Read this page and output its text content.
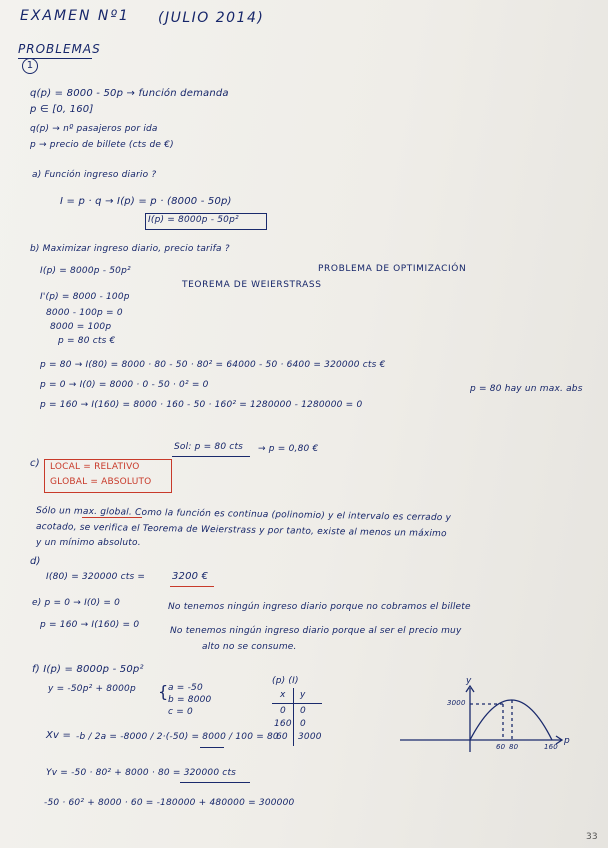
EXAMEN Nº1 (JULIO 2014)
PROBLEMAS
1
q(p) = 8000 - 50p → función demanda
p ∈ [0, 160]
q(p) → nº pasajeros por ida
p → precio de billete (cts de €)
a) Función ingreso diario ?
I = p · q → I(p) = p · (8000 - 50p)
I(p) = 8000p - 50p²
b) Maximizar ingreso diario, precio tarifa ?
PROBLEMA DE OPTIMIZACIÓN
I(p) = 8000p - 50p²
TEOREMA DE WEIERSTRASS
I'(p) = 8000 - 100p
8000 - 100p = 0
8000 = 100p
p = 80 cts €
p = 80 → I(80) = 8000 · 80 - 50 · 80² = 64000 - 50 · 6400 = 320000 cts €
p = 0 → I(0) = 8000 · 0 - 50 · 0² = 0	p = 80 hay un max. abs
p = 160 → I(160) = 8000 · 160 - 50 · 160² = 1280000 - 1280000 = 0
Sol: p = 80 cts → p = 0,80 €
c) LOCAL = RELATIVO
GLOBAL = ABSOLUTO
Sólo un max. global. Como la función es continua (polinomio) y el intervalo es cerrado y
acotado, se verifica el Teorema de Weierstrass y por tanto, existe al menos un máximo
y un mínimo absoluto.
d)
I(80) = 320000 cts =	3200 €
e) p = 0 → I(0) = 0	No tenemos ningún ingreso diario porque no cobramos el billete
p = 160 → I(160) = 0
No tenemos ningún ingreso diario porque al ser el precio muy
alto no se consume.
f) I(p) = 8000p - 50p²
y = -50p² + 8000p { a = -50
b = 8000
c = 0
Xv = -b / 2a = -8000 / 2·(-50) = 8000 / 100 = 80
Yv = -50 · 80² + 8000 · 80 = 320000 cts
-50 · 60² + 8000 · 60 = -180000 + 480000 = 300000
(p) (I)
x y
0 0
160 0
60 3000
y
p
3000
60 80	160
33
